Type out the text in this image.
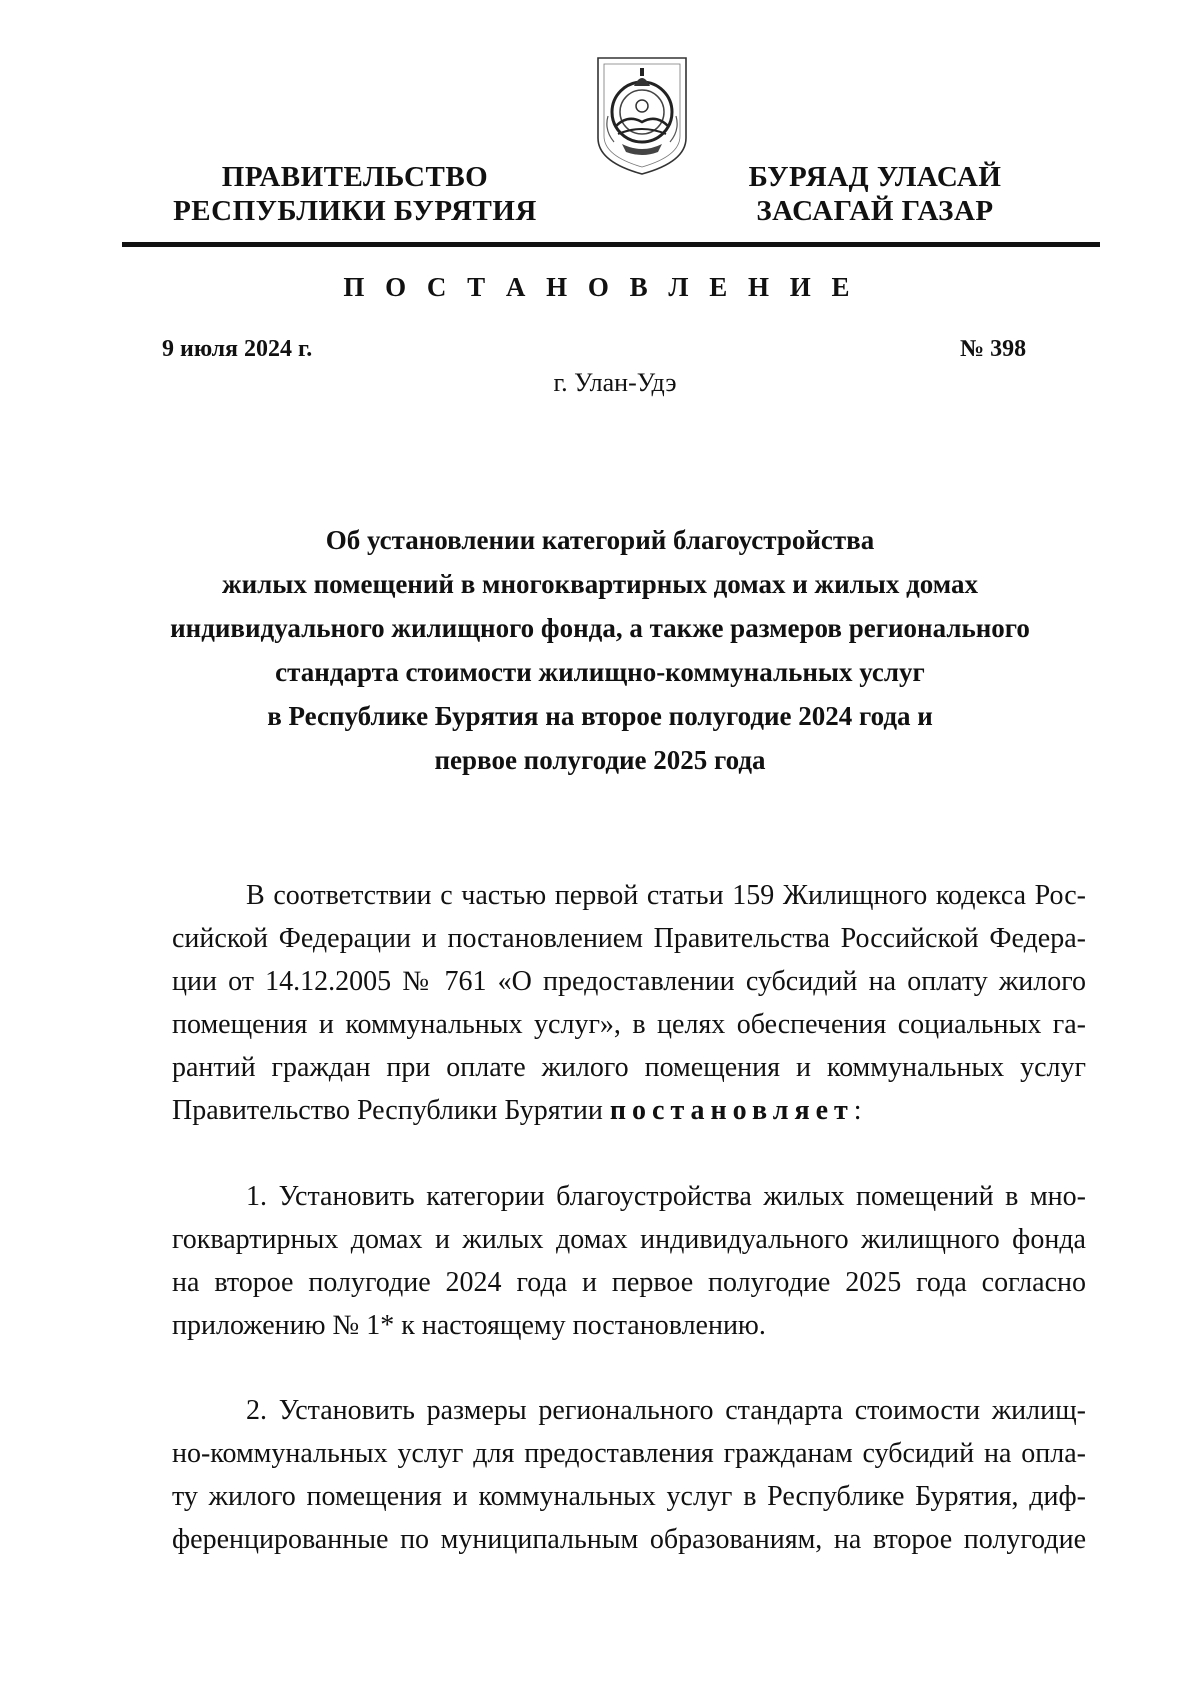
ПРАВИТЕЛЬСТВО
РЕСПУБЛИКИ БУРЯТИЯ
БУРЯАД УЛАСАЙ
ЗАСАГАЙ ГАЗАР
П О С Т А Н О В Л Е Н И Е
9 июля 2024 г.	№ 398
г. Улан-Удэ
Об установлении категорий благоустройства
жилых помещений в многоквартирных домах и жилых домах
индивидуального жилищного фонда, а также размеров регионального
стандарта стоимости жилищно-коммунальных услуг
в Республике Бурятия на второе полугодие 2024 года и
первое полугодие 2025 года
В соответствии с частью первой статьи 159 Жилищного кодекса Рос-
сийской Федерации и постановлением Правительства Российской Федера-
ции от 14.12.2005 № 761 «О предоставлении субсидий на оплату жилого
помещения и коммунальных услуг», в целях обеспечения социальных га-
рантий граждан при оплате жилого помещения и коммунальных услуг
Правительство Республики Бурятии постановляет:
1. Установить категории благоустройства жилых помещений в мно-
гоквартирных домах и жилых домах индивидуального жилищного фонда
на второе полугодие 2024 года и первое полугодие 2025 года согласно
приложению № 1* к настоящему постановлению.
2. Установить размеры регионального стандарта стоимости жилищ-
но-коммунальных услуг для предоставления гражданам субсидий на опла-
ту жилого помещения и коммунальных услуг в Республике Бурятия, диф-
ференцированные по муниципальным образованиям, на второе полугодие
